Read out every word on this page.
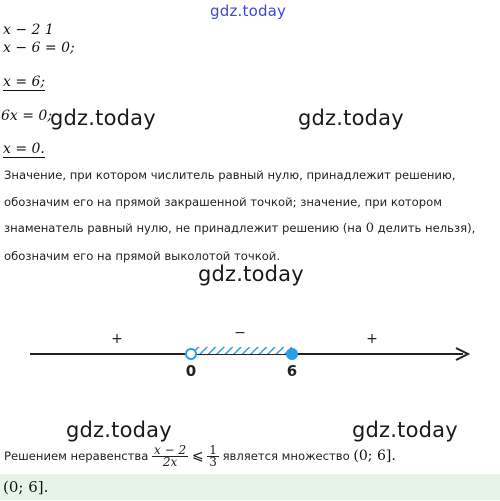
gdz.today
x − 2 1
x − 6 = 0;
x = 6;
6x = 0;
x = 0.
gdz.today	gdz.today
Значение, при котором числитель равный нулю, принадлежит решению, обозначим его на прямой закрашенной точкой; значение, при котором знаменатель равный нулю, не принадлежит решению (на 0 делить нельзя), обозначим его на прямой выколотой точкой.
gdz.today
+	−	+
0	6
gdz.today	gdz.today
Решением неравенства $\frac{x - 2}{2x}$ ⩽ $\frac{1}{3}$ является множество (0; 6].
(0; 6].
